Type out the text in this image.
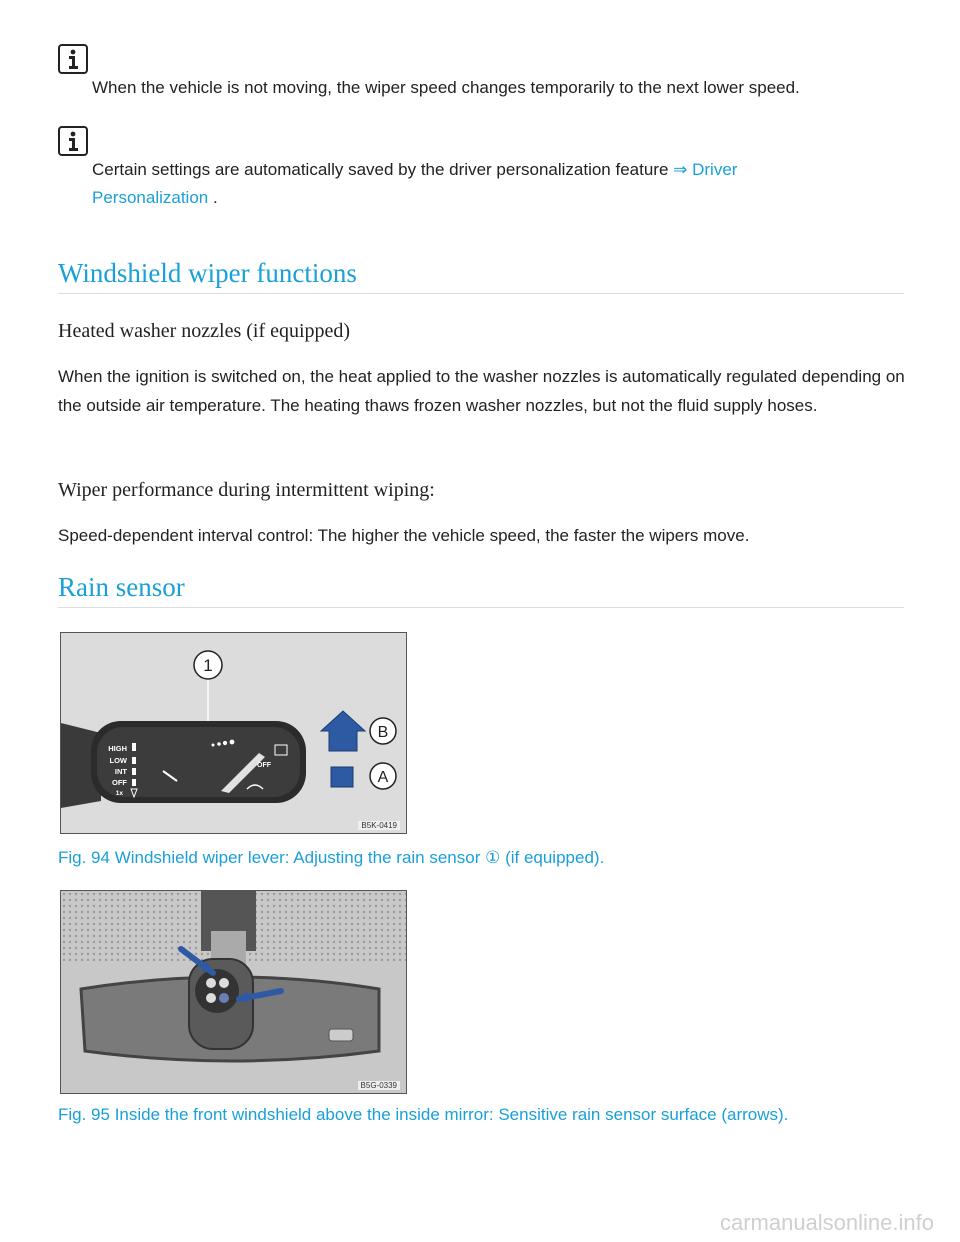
When the vehicle is not moving, the wiper speed changes temporarily to the next lower speed.
Certain settings are automatically saved by the driver personalization feature ⇒ Driver
Personalization .
Windshield wiper functions
Heated washer nozzles (if equipped)
When the ignition is switched on, the heat applied to the washer nozzles is automatically regulated depending on the outside air temperature. The heating thaws frozen washer nozzles, but not the fluid supply hoses.
Wiper performance during intermittent wiping:
Speed-dependent interval control: The higher the vehicle speed, the faster the wipers move.
Rain sensor
1
HIGH
LOW
INT
OFF
1x
OFF
B
A
B5K-0419
Fig. 94 Windshield wiper lever: Adjusting the rain sensor ① (if equipped).
B5G-0339
Fig. 95 Inside the front windshield above the inside mirror: Sensitive rain sensor surface (arrows).
carmanualsonline.info
